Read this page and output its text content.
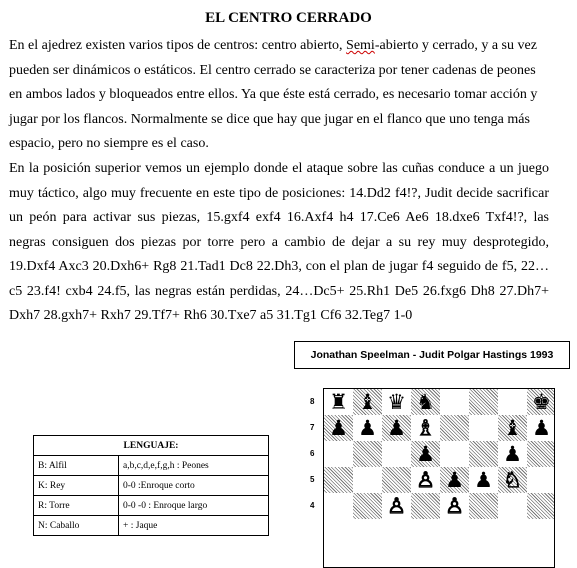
EL CENTRO CERRADO

En el ajedrez existen varios tipos de centros: centro abierto, Semi-abierto y cerrado, y a su vez pueden ser dinámicos o estáticos. El centro cerrado se caracteriza por tener cadenas de peones en ambos lados y bloqueados entre ellos. Ya que éste está cerrado, es necesario tomar acción y jugar por los flancos. Normalmente se dice que hay que jugar en el flanco que uno tenga más espacio, pero no siempre es el caso.

En la posición superior vemos un ejemplo donde el ataque sobre las cuñas conduce a un juego muy táctico, algo muy frecuente en este tipo de posiciones: 14.Dd2 f4!?, Judit decide sacrificar un peón para activar sus piezas, 15.gxf4 exf4 16.Axf4 h4 17.Ce6 Ae6 18.dxe6 Txf4!?, las negras consiguen dos piezas por torre pero a cambio de dejar a su rey muy desprotegido, 19.Dxf4 Axc3 20.Dxh6+ Rg8 21.Tad1 Dc8 22.Dh3, con el plan de jugar f4 seguido de f5, 22…c5 23.f4! cxb4 24.f5, las negras están perdidas, 24…Dc5+ 25.Rh1 De5 26.fxg6 Dh8 27.Dh7+ Dxh7 28.gxh7+ Rxh7 29.Tf7+ Rh6 30.Txe7 a5 31.Tg1 Cf6 32.Teg7 1-0

Jonathan Speelman - Judit Polgar Hastings 1993
8
7
6
5
4
♜ ♝ ♛ ♞	♚
♟ ♟ ♟ ♗	♝ ♟
♟	♟
♙ ♟ ♟ ♘
♙ ♙
LENGUAJE:	
B: Alfil	a,b,c,d,e,f,g,h : Peones
K: Rey	0-0 :Enroque corto
R: Torre	0-0 -0 : Enroque largo
N: Caballo	+ : Jaque
